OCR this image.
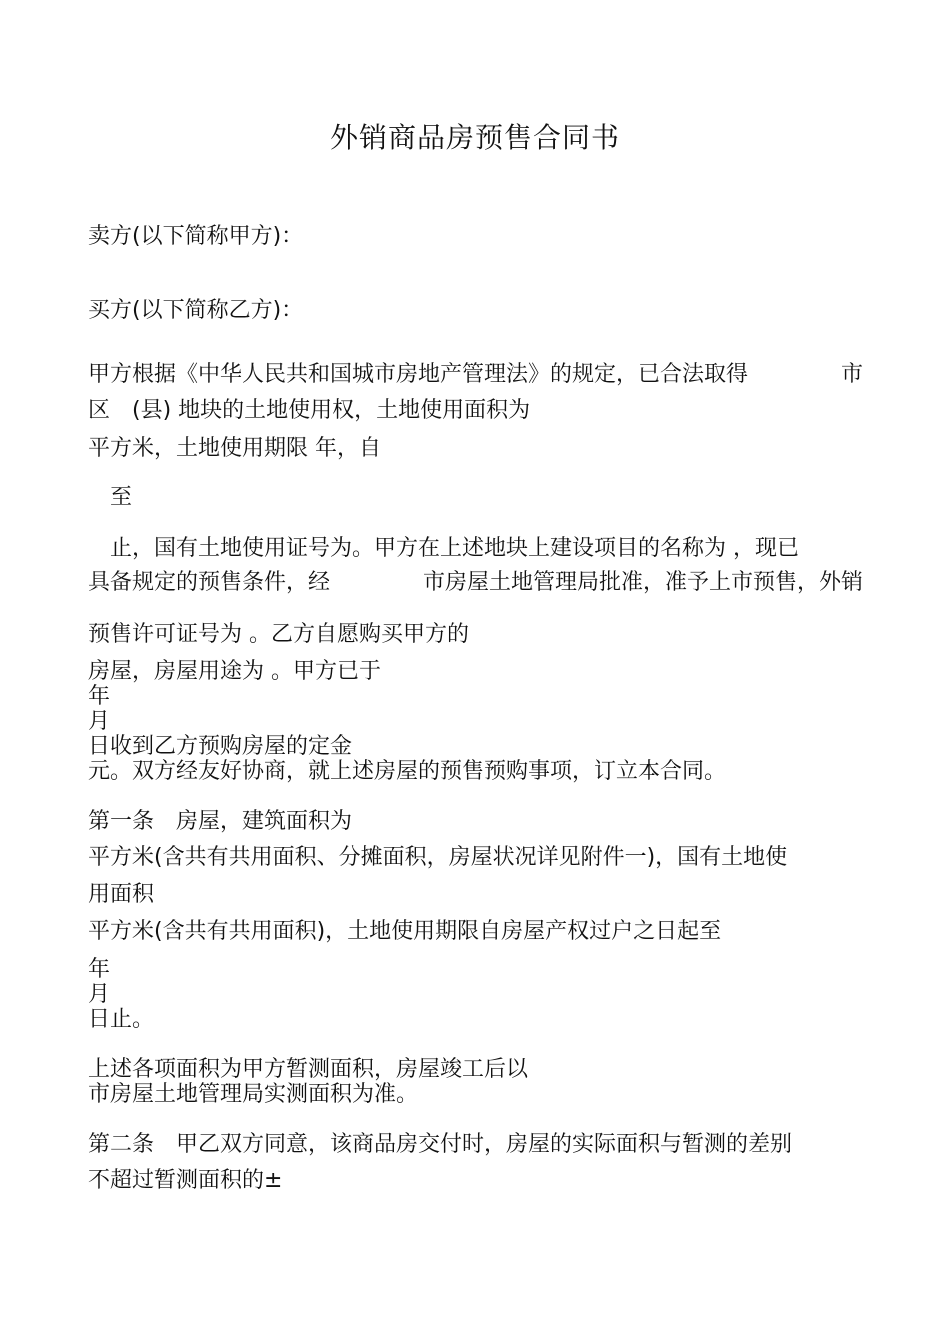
外销商品房预售合同书
卖方(以下简称甲方)：
买方(以下简称乙方)：
甲方根据《中华人民共和国城市房地产管理法》的规定，已合法取得	市
区　(县) 地块的土地使用权，土地使用面积为
平方米，土地使用期限 年，自
至
止，国有土地使用证号为。甲方在上述地块上建设项目的名称为 ，现已
具备规定的预售条件，经	市房屋土地管理局批准，准予上市预售，外销
预售许可证号为 。乙方自愿购买甲方的
房屋，房屋用途为 。甲方已于
年
月
日收到乙方预购房屋的定金
元。双方经友好协商，就上述房屋的预售预购事项，订立本合同。
第一条　房屋，建筑面积为
平方米(含共有共用面积、分摊面积，房屋状况详见附件一)，国有土地使
用面积
平方米(含共有共用面积)，土地使用期限自房屋产权过户之日起至
年
月
日止。
上述各项面积为甲方暂测面积，房屋竣工后以
市房屋土地管理局实测面积为准。
第二条　甲乙双方同意，该商品房交付时，房屋的实际面积与暂测的差别
不超过暂测面积的±
